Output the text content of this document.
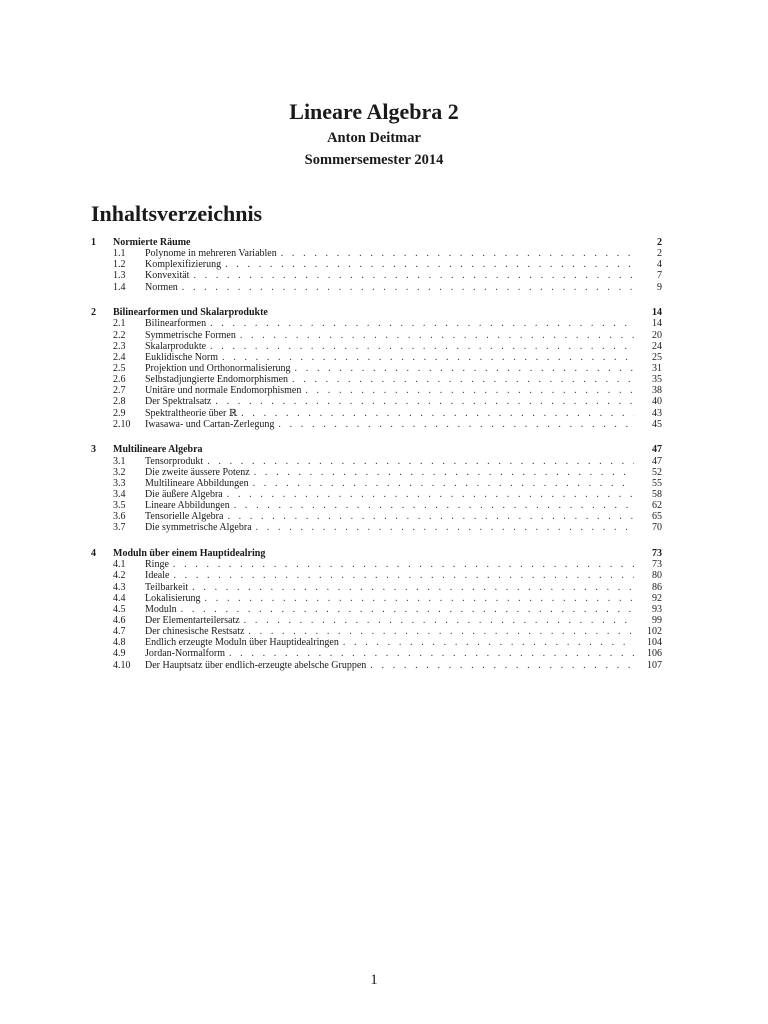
Lineare Algebra 2
Anton Deitmar
Sommersemester 2014
Inhaltsverzeichnis
1	Normierte Räume	2
1.1	Polynome in mehreren Variablen . . .	2
1.2	Komplexifizierung . . .	4
1.3	Konvexität . . .	7
1.4	Normen . . .	9
2	Bilinearformen und Skalarprodukte	14
2.1	Bilinearformen . . .	14
2.2	Symmetrische Formen . . .	20
2.3	Skalarprodukte . . .	24
2.4	Euklidische Norm . . .	25
2.5	Projektion und Orthonormalisierung . . .	31
2.6	Selbstadjungierte Endomorphismen . . .	35
2.7	Unitäre und normale Endomorphismen . . .	38
2.8	Der Spektralsatz . . .	40
2.9	Spektraltheorie über ℝ . . .	43
2.10	Iwasawa- und Cartan-Zerlegung . . .	45
3	Multilineare Algebra	47
3.1	Tensorprodukt . . .	47
3.2	Die zweite äussere Potenz . . .	52
3.3	Multilineare Abbildungen . . .	55
3.4	Die äußere Algebra . . .	58
3.5	Lineare Abbildungen . . .	62
3.6	Tensorielle Algebra . . .	65
3.7	Die symmetrische Algebra . . .	70
4	Moduln über einem Hauptidealring	73
4.1	Ringe . . .	73
4.2	Ideale . . .	80
4.3	Teilbarkeit . . .	86
4.4	Lokalisierung . . .	92
4.5	Moduln . . .	93
4.6	Der Elementarteilersatz . . .	99
4.7	Der chinesische Restsatz . . .	102
4.8	Endlich erzeugte Moduln über Hauptidealringen . . .	104
4.9	Jordan-Normalform . . .	106
4.10	Der Hauptsatz über endlich-erzeugte abelsche Gruppen . . .	107
1
